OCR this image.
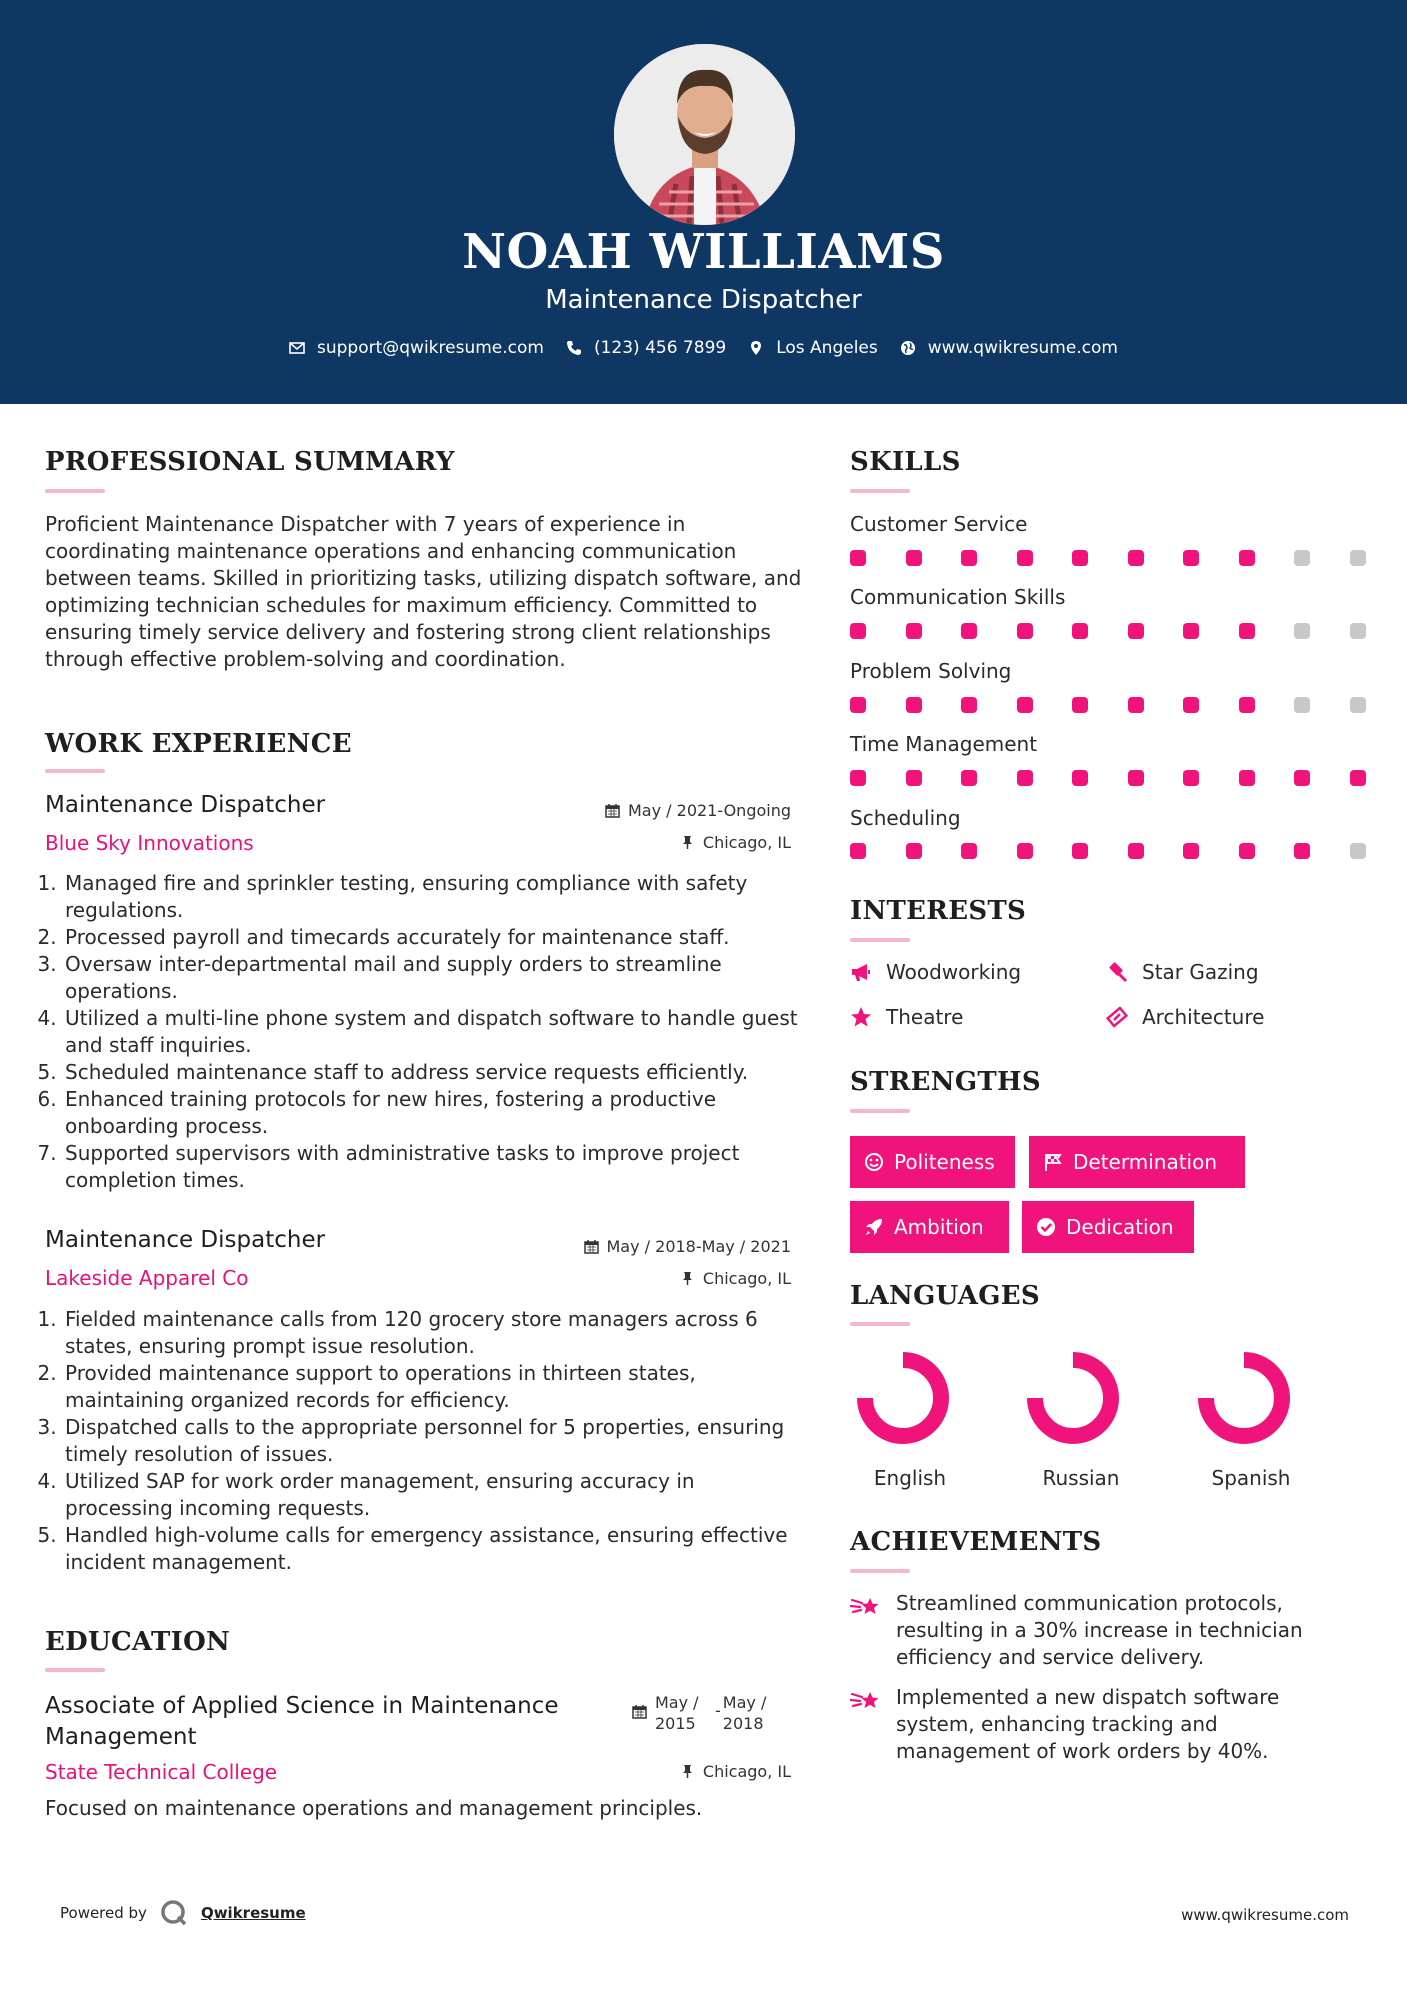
NOAH WILLIAMS
Maintenance Dispatcher
support@qwikresume.com	(123) 456 7899	Los Angeles	www.qwikresume.com
PROFESSIONAL SUMMARY
Proficient Maintenance Dispatcher with 7 years of experience in coordinating maintenance operations and enhancing communication between teams. Skilled in prioritizing tasks, utilizing dispatch software, and optimizing technician schedules for maximum efficiency. Committed to ensuring timely service delivery and fostering strong client relationships through effective problem-solving and coordination.
WORK EXPERIENCE
Maintenance Dispatcher	May / 2021-Ongoing
Blue Sky Innovations	Chicago, IL
1. Managed fire and sprinkler testing, ensuring compliance with safety regulations.
2. Processed payroll and timecards accurately for maintenance staff.
3. Oversaw inter-departmental mail and supply orders to streamline operations.
4. Utilized a multi-line phone system and dispatch software to handle guest and staff inquiries.
5. Scheduled maintenance staff to address service requests efficiently.
6. Enhanced training protocols for new hires, fostering a productive onboarding process.
7. Supported supervisors with administrative tasks to improve project completion times.
Maintenance Dispatcher	May / 2018-May / 2021
Lakeside Apparel Co	Chicago, IL
1. Fielded maintenance calls from 120 grocery store managers across 6 states, ensuring prompt issue resolution.
2. Provided maintenance support to operations in thirteen states, maintaining organized records for efficiency.
3. Dispatched calls to the appropriate personnel for 5 properties, ensuring timely resolution of issues.
4. Utilized SAP for work order management, ensuring accuracy in processing incoming requests.
5. Handled high-volume calls for emergency assistance, ensuring effective incident management.
EDUCATION
Associate of Applied Science in Maintenance Management
May / 2015
- May / 2018
State Technical College	Chicago, IL
Focused on maintenance operations and management principles.
SKILLS
Customer Service
Communication Skills
Problem Solving
Time Management
Scheduling
INTERESTS
Woodworking	Star Gazing
Theatre	Architecture
STRENGTHS
Politeness	Determination
Ambition	Dedication
LANGUAGES
English	Russian	Spanish
ACHIEVEMENTS
Streamlined communication protocols, resulting in a 30% increase in technician efficiency and service delivery.
Implemented a new dispatch software system, enhancing tracking and management of work orders by 40%.
Powered by	Qwikresume	www.qwikresume.com
